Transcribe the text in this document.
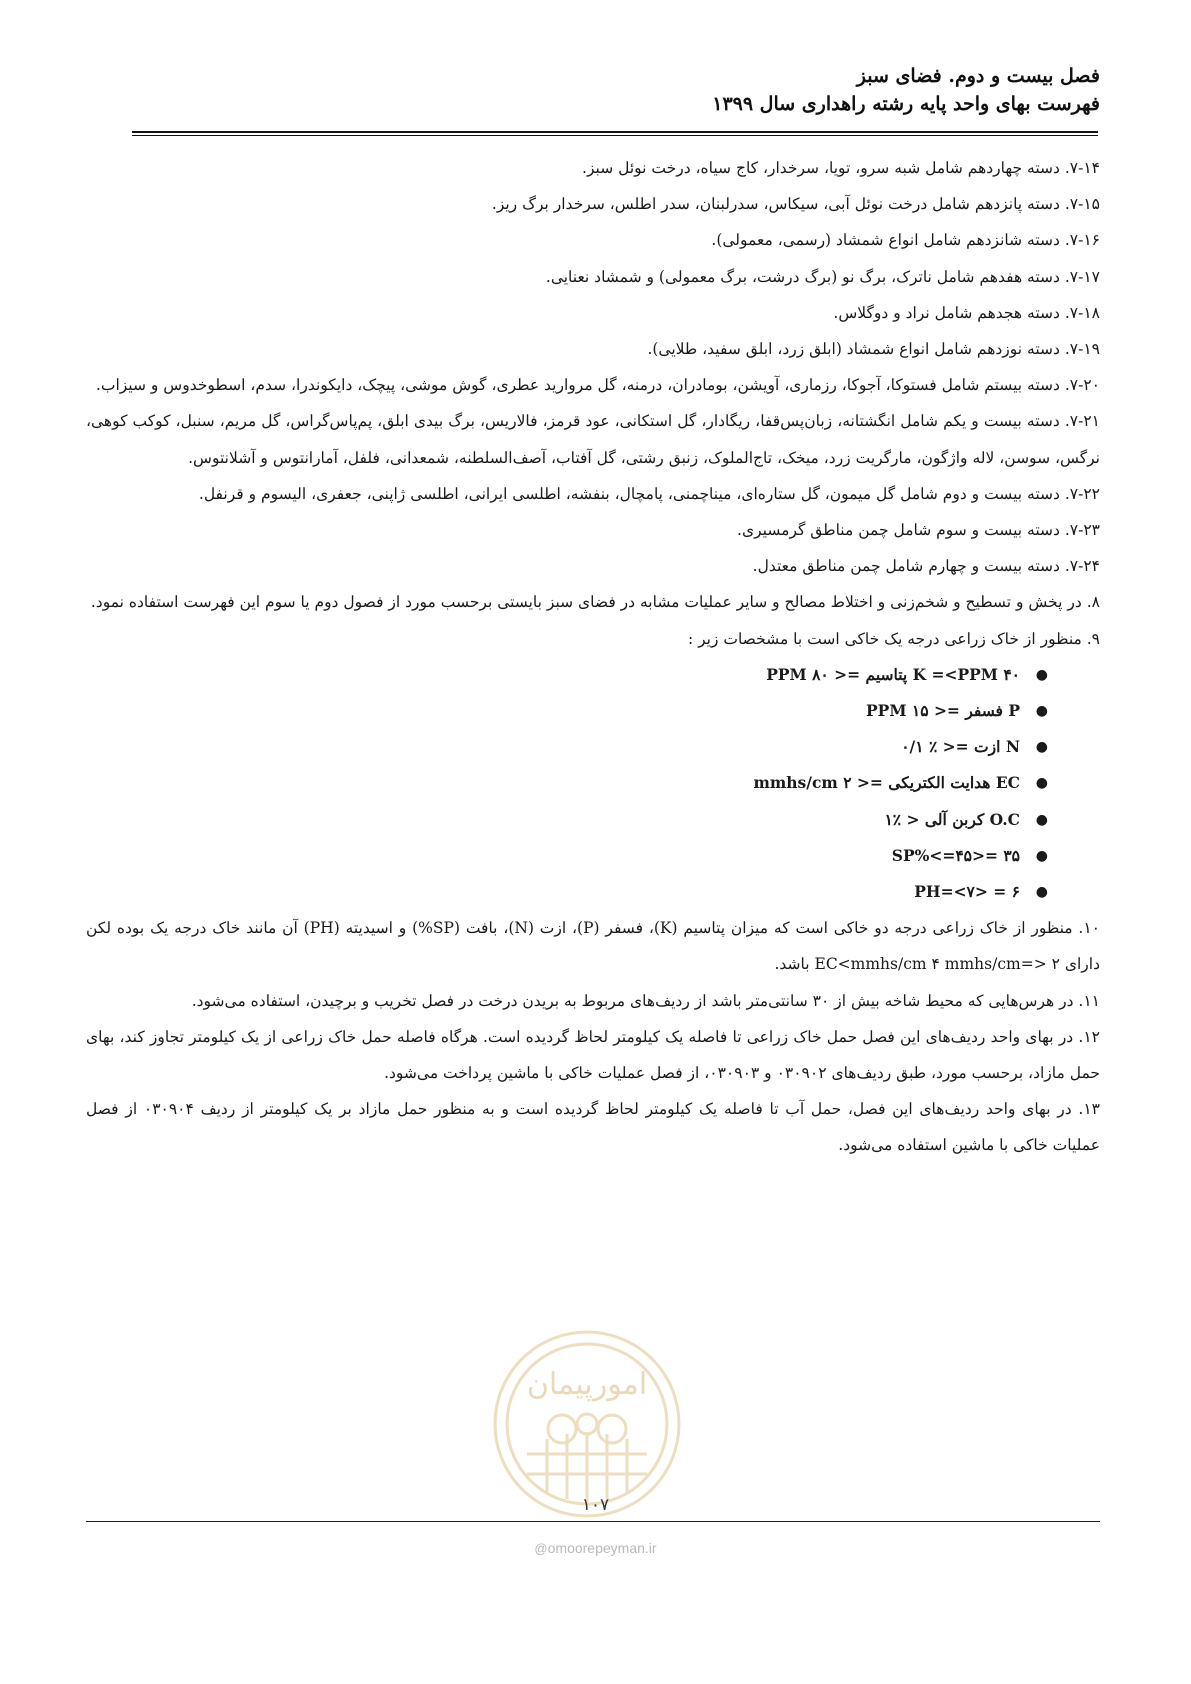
فصل بیست و دوم. فضای سبز
فهرست بهای واحد پایه رشته راهداری سال ۱۳۹۹

۷-۱۴. دسته چهاردهم شامل شبه سرو، تویا، سرخدار، کاج سیاه، درخت نوئل سبز.

۷-۱۵. دسته پانزدهم شامل درخت نوئل آبی، سیکاس، سدرلبنان، سدر اطلس، سرخدار برگ ریز.

۷-۱۶. دسته شانزدهم شامل انواع شمشاد (رسمی، معمولی).

۷-۱۷. دسته هفدهم شامل ناترک، برگ نو (برگ درشت، برگ معمولی) و شمشاد نعنایی.

۷-۱۸. دسته هجدهم شامل نراد و دوگلاس.

۷-۱۹. دسته نوزدهم شامل انواع شمشاد (ابلق زرد، ابلق سفید، طلایی).

۷-۲۰. دسته بیستم شامل فستوکا، آجوکا، رزماری، آویشن، بومادران، درمنه، گل مروارید عطری، گوش موشی، پیچک، دایکوندرا، سدم، اسطوخدوس و سیزاب.

۷-۲۱. دسته بیست و یکم شامل انگشتانه، زبان‌پس‌قفا، ریگادار، گل استکانی، عود قرمز، فالاریس، برگ بیدی ابلق، پم‌پاس‌گراس، گل مریم، سنبل، کوکب کوهی، نرگس، سوسن، لاله واژگون، مارگریت زرد، میخک، تاج‌الملوک، زنبق رشتی، گل آفتاب، آصف‌السلطنه، شمعدانی، فلفل، آمارانتوس و آشلانتوس.

۷-۲۲. دسته بیست و دوم شامل گل میمون، گل ستاره‌ای، میناچمنی، پامچال، بنفشه، اطلسی ایرانی، اطلسی ژاپنی، جعفری، الیسوم و قرنفل.

۷-۲۳. دسته بیست و سوم شامل چمن مناطق گرمسیری.

۷-۲۴. دسته بیست و چهارم شامل چمن مناطق معتدل.

۸. در پخش و تسطیح و شخم‌زنی و اختلاط مصالح و سایر عملیات مشابه در فضای سبز بایستی برحسب مورد از فصول دوم یا سوم این فهرست استفاده نمود.

۹. منظور از خاک زراعی درجه یک خاکی است با مشخصات زیر :

●
۴۰ K =<PPM پتاسیم =< ۸۰ PPM
●
P فسفر =< ۱۵ PPM
●
N ازت =< ٪ ۰/۱
●
EC هدایت الکتریکی =< ۲ mmhs/cm
●
O.C کربن آلی < ٪۱
●
۳۵ =<SP%<=۴۵
●
۶ = <PH=<۷

۱۰. منظور از خاک زراعی درجه دو خاکی است که میزان پتاسیم (K)، فسفر (P)، ازت (N)، بافت (SP%) و اسیدیته (PH) آن مانند خاک درجه یک بوده لکن دارای EC<mmhs/cm ۴ mmhs/cm=> ۲ باشد.

۱۱. در هرس‌هایی که محیط شاخه بیش از ۳۰ سانتی‌متر باشد از ردیف‌های مربوط به بریدن درخت در فصل تخریب و برچیدن، استفاده می‌شود.

۱۲. در بهای واحد ردیف‌های این فصل حمل خاک زراعی تا فاصله یک کیلومتر لحاظ گردیده است. هرگاه فاصله حمل خاک زراعی از یک کیلومتر تجاوز کند، بهای حمل مازاد، برحسب مورد، طبق ردیف‌های ۰۳۰۹۰۲ و ۰۳۰۹۰۳، از فصل عملیات خاکی با ماشین پرداخت می‌شود.

۱۳. در بهای واحد ردیف‌های این فصل، حمل آب تا فاصله یک کیلومتر لحاظ گردیده است و به منظور حمل مازاد بر یک کیلومتر از ردیف ۰۳۰۹۰۴ از فصل عملیات خاکی با ماشین استفاده می‌شود.

امورپیمان
۱۰۷
@omoorepeyman.ir
